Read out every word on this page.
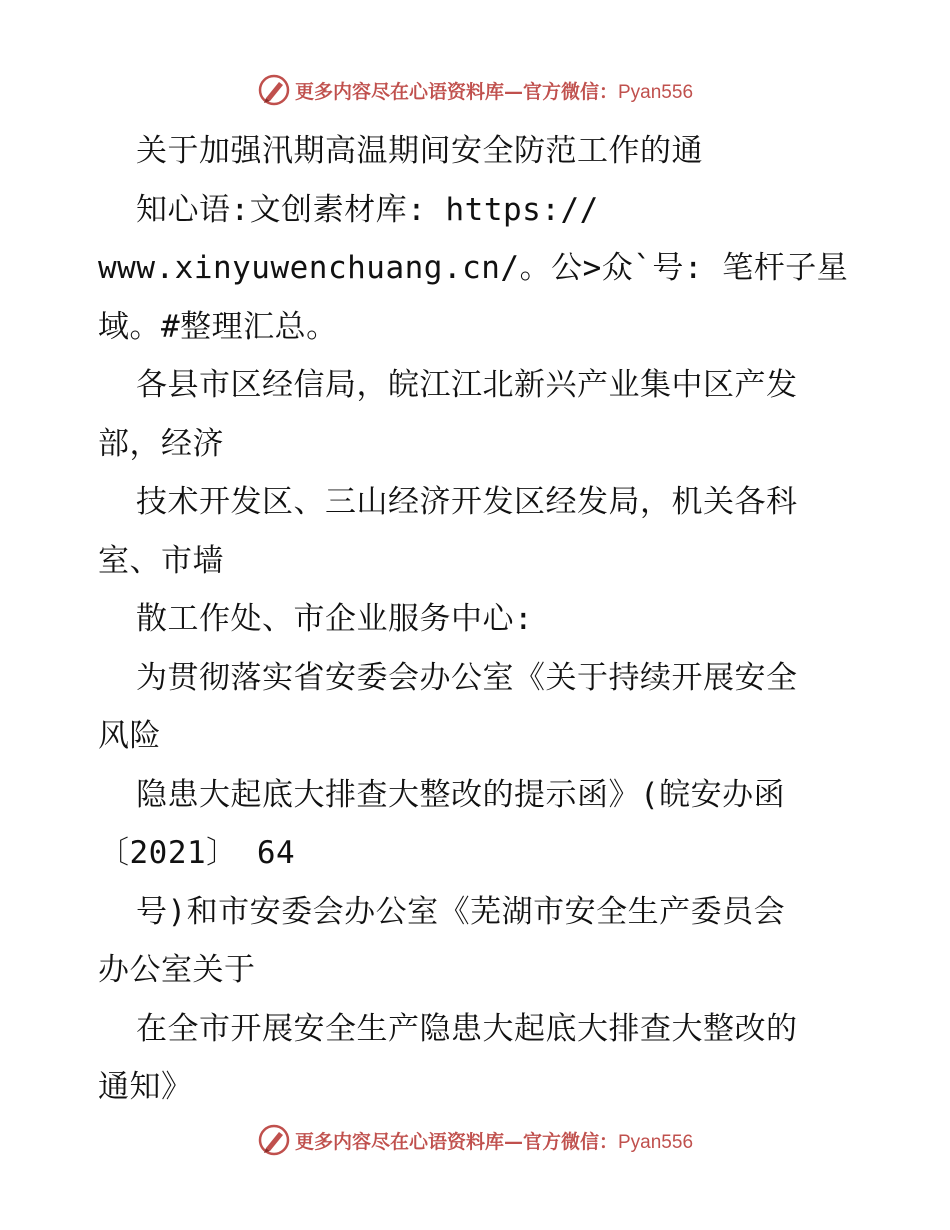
更多内容尽在心语资料库—官方微信：Pyan556
关于加强汛期高温期间安全防范工作的通
知心语:文创素材库: https://
www.xinyuwenchuang.cn/。公>众`号: 笔杆子星
域。#整理汇总。
各县市区经信局，皖江江北新兴产业集中区产发
部，经济
技术开发区、三山经济开发区经发局，机关各科
室、市墙
散工作处、市企业服务中心:
为贯彻落实省安委会办公室《关于持续开展安全
风险
隐患大起底大排查大整改的提示函》(皖安办函
〔2021〕 64
号)和市安委会办公室《芜湖市安全生产委员会
办公室关于
在全市开展安全生产隐患大起底大排查大整改的
通知》
更多内容尽在心语资料库—官方微信：Pyan556
